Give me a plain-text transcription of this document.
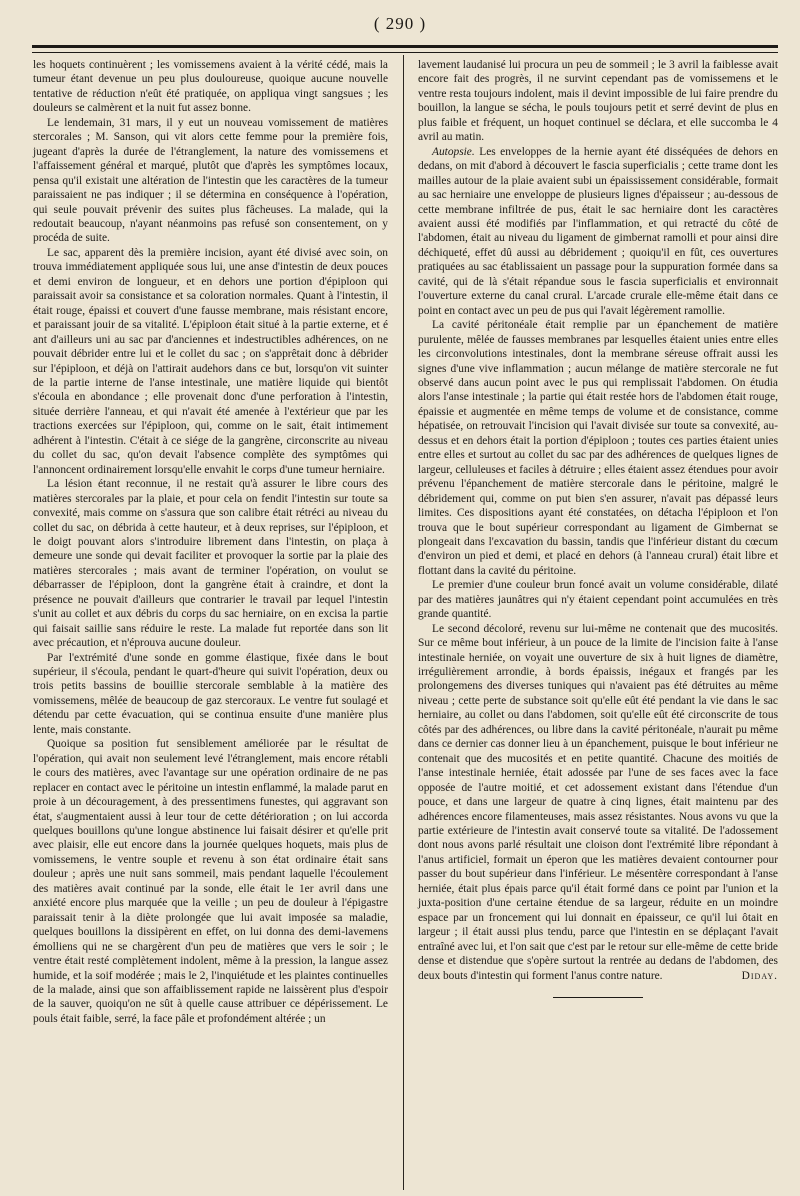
( 290 )

les hoquets continuèrent ; les vomissemens avaient à la vérité cédé, mais la tumeur étant devenue un peu plus douloureuse, quoique aucune nouvelle tentative de réduction n'eût été pratiquée, on appliqua vingt sangsues ; les douleurs se calmèrent et la nuit fut assez bonne.

Le lendemain, 31 mars, il y eut un nouveau vomissement de matières stercorales ; M. Sanson, qui vit alors cette femme pour la première fois, jugeant d'après la durée de l'étranglement, la nature des vomissemens et l'affaissement général et marqué, plutôt que d'après les symptômes locaux, pensa qu'il existait une altération de l'intestin que les caractères de la tumeur paraissaient ne pas indiquer ; il se détermina en conséquence à l'opération, qui seule pouvait prévenir des suites plus fâcheuses. La malade, qui la redoutait beaucoup, n'ayant néanmoins pas refusé son consentement, on y procéda de suite.

Le sac, apparent dès la première incision, ayant été divisé avec soin, on trouva immédiatement appliquée sous lui, une anse d'intestin de deux pouces et demi environ de longueur, et en dehors une portion d'épiploon qui paraissait avoir sa consistance et sa coloration normales. Quant à l'intestin, il était rouge, épaissi et couvert d'une fausse membrane, mais résistant encore, et paraissant jouir de sa vitalité. L'épiploon était situé à la partie externe, et é ant d'ailleurs uni au sac par d'anciennes et indestructibles adhérences, on ne pouvait débrider entre lui et le collet du sac ; on s'apprêtait donc à débrider sur l'épiploon, et déjà on l'attirait audehors dans ce but, lorsqu'on vit suinter de la partie interne de l'anse intestinale, une matière liquide qui bientôt s'écoula en abondance ; elle provenait donc d'une perforation à l'intestin, située derrière l'anneau, et qui n'avait été amenée à l'extérieur que par les tractions exercées sur l'épiploon, qui, comme on le sait, était intimement adhérent à l'intestin. C'était à ce siége de la gangrène, circonscrite au niveau du collet du sac, qu'on devait l'absence complète des symptômes qui l'annoncent ordinairement lorsqu'elle envahit le corps d'une tumeur herniaire.

La lésion étant reconnue, il ne restait qu'à assurer le libre cours des matières stercorales par la plaie, et pour cela on fendit l'intestin sur toute sa convexité, mais comme on s'assura que son calibre était rétréci au niveau du collet du sac, on débrida à cette hauteur, et à deux reprises, sur l'épiploon, et le doigt pouvant alors s'introduire librement dans l'intestin, on plaça à demeure une sonde qui devait faciliter et provoquer la sortie par la plaie des matières stercorales ; mais avant de terminer l'opération, on voulut se débarrasser de l'épiploon, dont la gangrène était à craindre, et dont la présence ne pouvait d'ailleurs que contrarier le travail par lequel l'intestin s'unit au collet et aux débris du corps du sac herniaire, on en excisa la partie qui faisait saillie sans réduire le reste. La malade fut reportée dans son lit avec précaution, et n'éprouva aucune douleur.

Par l'extrémité d'une sonde en gomme élastique, fixée dans le bout supérieur, il s'écoula, pendant le quart-d'heure qui suivit l'opération, deux ou trois petits bassins de bouillie stercorale semblable à la matière des vomissemens, mêlée de beaucoup de gaz stercoraux. Le ventre fut soulagé et détendu par cette évacuation, qui se continua ensuite d'une manière plus lente, mais constante.

Quoique sa position fut sensiblement améliorée par le résultat de l'opération, qui avait non seulement levé l'étranglement, mais encore rétabli le cours des matières, avec l'avantage sur une opération ordinaire de ne pas replacer en contact avec le péritoine un intestin enflammé, la malade parut en proie à un découragement, à des pressentimens funestes, qui aggravant son état, s'augmentaient aussi à leur tour de cette détérioration ; on lui accorda quelques bouillons qu'une longue abstinence lui faisait désirer et qu'elle prit avec plaisir, elle eut encore dans la journée quelques hoquets, mais plus de vomissemens, le ventre souple et revenu à son état ordinaire était sans douleur ; après une nuit sans sommeil, mais pendant laquelle l'écoulement des matières avait continué par la sonde, elle était le 1er avril dans une anxiété encore plus marquée que la veille ; un peu de douleur à l'épigastre paraissait tenir à la diète prolongée que lui avait imposée sa maladie, quelques bouillons la dissipèrent en effet, on lui donna des demi-lavemens émolliens qui ne se chargèrent d'un peu de matières que vers le soir ; le ventre était resté complètement indolent, même à la pression, la langue assez humide, et la soif modérée ; mais le 2, l'inquiétude et les plaintes continuelles de la malade, ainsi que son affaiblissement rapide ne laissèrent plus d'espoir de la sauver, quoiqu'on ne sût à quelle cause attribuer ce dépérissement. Le pouls était faible, serré, la face pâle et profondément altérée ; un

lavement laudanisé lui procura un peu de sommeil ; le 3 avril la faiblesse avait encore fait des progrès, il ne survint cependant pas de vomissemens et le ventre resta toujours indolent, mais il devint impossible de lui faire prendre du bouillon, la langue se sécha, le pouls toujours petit et serré devint de plus en plus faible et fréquent, un hoquet continuel se déclara, et elle succomba le 4 avril au matin.

Autopsie. Les enveloppes de la hernie ayant été disséquées de dehors en dedans, on mit d'abord à découvert le fascia superficialis ; cette trame dont les mailles autour de la plaie avaient subi un épaississement considérable, formait au sac herniaire une enveloppe de plusieurs lignes d'épaisseur ; au-dessous de cette membrane infiltrée de pus, était le sac herniaire dont les caractères avaient aussi été modifiés par l'inflammation, et qui retracté du côté de l'abdomen, était au niveau du ligament de gimbernat ramolli et pour ainsi dire déchiqueté, effet dû aussi au débridement ; quoiqu'il en fût, ces ouvertures pratiquées au sac établissaient un passage pour la suppuration formée dans sa cavité, qui de là s'était répandue sous le fascia superficialis et environnait l'ouverture externe du canal crural. L'arcade crurale elle-même était dans ce point en contact avec un peu de pus qui l'avait légèrement ramollie.

La cavité péritonéale était remplie par un épanchement de matière purulente, mêlée de fausses membranes par lesquelles étaient unies entre elles les circonvolutions intestinales, dont la membrane séreuse offrait aussi les signes d'une vive inflammation ; aucun mélange de matière stercorale ne fut observé dans aucun point avec le pus qui remplissait l'abdomen. On étudia alors l'anse intestinale ; la partie qui était restée hors de l'abdomen était rouge, épaissie et augmentée en même temps de volume et de consistance, comme hépatisée, on retrouvait l'incision qui l'avait divisée sur toute sa convexité, au-dessus et en dehors était la portion d'épiploon ; toutes ces parties étaient unies entre elles et surtout au collet du sac par des adhérences de quelques lignes de largeur, celluleuses et faciles à détruire ; elles étaient assez étendues pour avoir prévenu l'épanchement de matière stercorale dans le péritoine, malgré le débridement qui, comme on put bien s'en assurer, n'avait pas dépassé leurs limites. Ces dispositions ayant été constatées, on détacha l'épiploon et l'on trouva que le bout supérieur correspondant au ligament de Gimbernat se plongeait dans l'excavation du bassin, tandis que l'inférieur distant du cœcum d'environ un pied et demi, et placé en dehors (à l'anneau crural) était libre et flottant dans la cavité du péritoine.

Le premier d'une couleur brun foncé avait un volume considérable, dilaté par des matières jaunâtres qui n'y étaient cependant point accumulées en très grande quantité.

Le second décoloré, revenu sur lui-même ne contenait que des mucosités. Sur ce même bout inférieur, à un pouce de la limite de l'incision faite à l'anse intestinale herniée, on voyait une ouverture de six à huit lignes de diamètre, irrégulièrement arrondie, à bords épaissis, inégaux et frangés par les prolongemens des diverses tuniques qui n'avaient pas été détruites au même niveau ; cette perte de substance soit qu'elle eût été pendant la vie dans le sac herniaire, au collet ou dans l'abdomen, soit qu'elle eût été circonscrite de tous côtés par des adhérences, ou libre dans la cavité péritonéale, n'aurait pu même dans ce dernier cas donner lieu à un épanchement, puisque le bout inférieur ne contenait que des mucosités et en petite quantité. Chacune des moitiés de l'anse intestinale herniée, était adossée par l'une de ses faces avec la face opposée de l'autre moitié, et cet adossement existant dans l'étendue d'un pouce, et dans une largeur de quatre à cinq lignes, était maintenu par des adhérences encore filamenteuses, mais assez résistantes. Nous avons vu que la partie extérieure de l'intestin avait conservé toute sa vitalité. De l'adossement dont nous avons parlé résultait une cloison dont l'extrémité libre répondant à l'anus artificiel, formait un éperon que les matières devaient contourner pour passer du bout supérieur dans l'inférieur. Le mésentère correspondant à l'anse herniée, était plus épais parce qu'il était formé dans ce point par l'union et la juxta-position d'une certaine étendue de sa largeur, réduite en un moindre espace par un froncement qui lui donnait en épaisseur, ce qu'il lui ôtait en largeur ; il était aussi plus tendu, parce que l'intestin en se déplaçant l'avait entraîné avec lui, et l'on sait que c'est par le retour sur elle-même de cette bride dense et distendue que s'opère surtout la rentrée au dedans de l'abdomen, des deux bouts d'intestin qui forment l'anus contre nature.	Diday.
